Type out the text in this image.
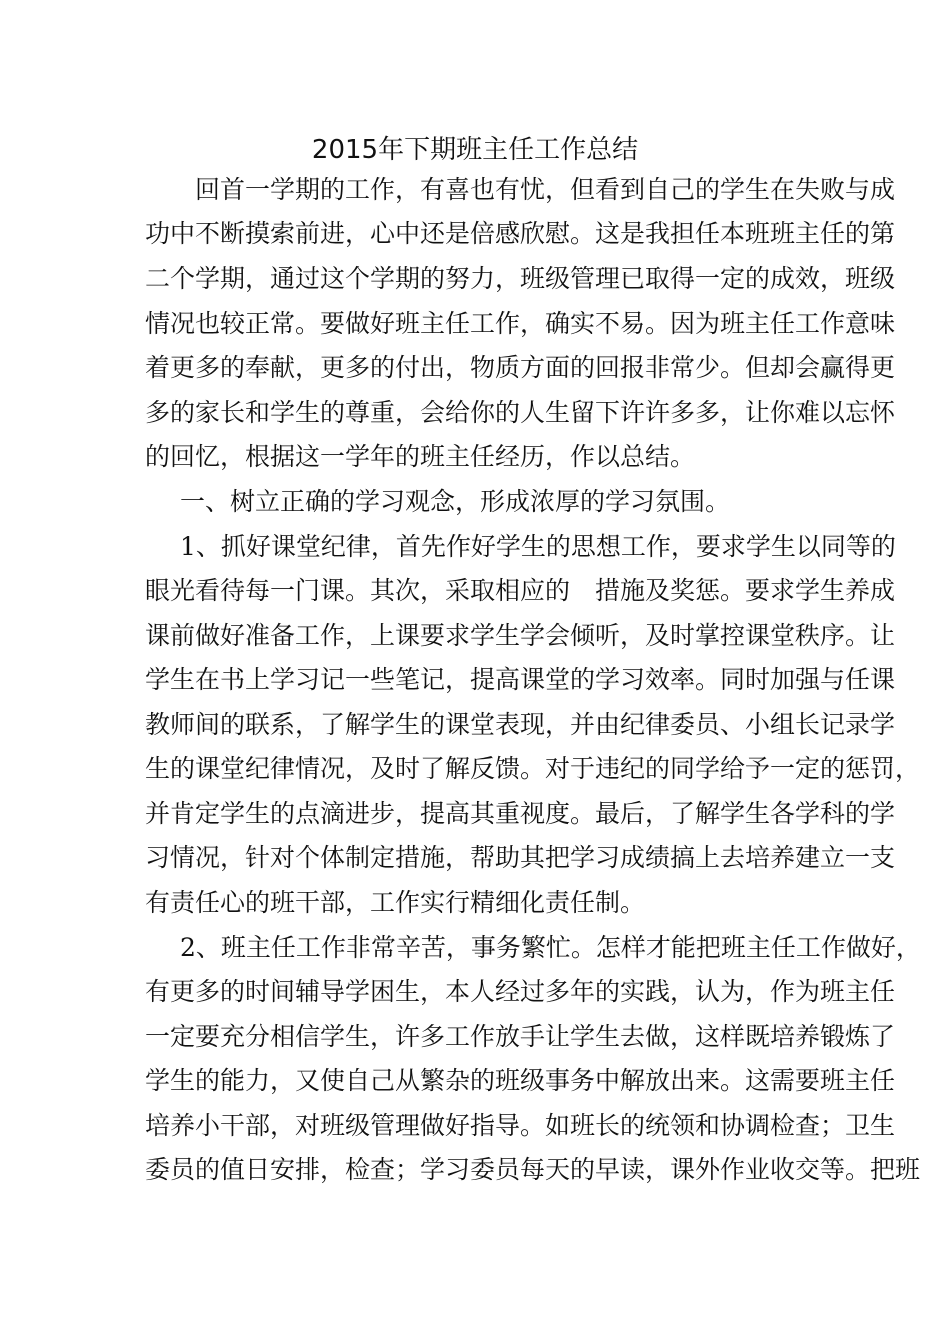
2015年下期班主任工作总结
回首一学期的工作，有喜也有忧，但看到自己的学生在失败与成
功中不断摸索前进，心中还是倍感欣慰。这是我担任本班班主任的第
二个学期，通过这个学期的努力，班级管理已取得一定的成效，班级
情况也较正常。要做好班主任工作，确实不易。因为班主任工作意味
着更多的奉献，更多的付出，物质方面的回报非常少。但却会赢得更
多的家长和学生的尊重，会给你的人生留下许许多多，让你难以忘怀
的回忆，根据这一学年的班主任经历，作以总结。
一、树立正确的学习观念，形成浓厚的学习氛围。
1、抓好课堂纪律，首先作好学生的思想工作，要求学生以同等的
眼光看待每一门课。其次，采取相应的　措施及奖惩。要求学生养成
课前做好准备工作，上课要求学生学会倾听，及时掌控课堂秩序。让
学生在书上学习记一些笔记，提高课堂的学习效率。同时加强与任课
教师间的联系，了解学生的课堂表现，并由纪律委员、小组长记录学
生的课堂纪律情况，及时了解反馈。对于违纪的同学给予一定的惩罚，
并肯定学生的点滴进步，提高其重视度。最后，了解学生各学科的学
习情况，针对个体制定措施，帮助其把学习成绩搞上去培养建立一支
有责任心的班干部，工作实行精细化责任制。
2、班主任工作非常辛苦，事务繁忙。怎样才能把班主任工作做好，
有更多的时间辅导学困生，本人经过多年的实践，认为，作为班主任
一定要充分相信学生，许多工作放手让学生去做，这样既培养锻炼了
学生的能力，又使自己从繁杂的班级事务中解放出来。这需要班主任
培养小干部，对班级管理做好指导。如班长的统领和协调检查；卫生
委员的值日安排，检查；学习委员每天的早读，课外作业收交等。把班
